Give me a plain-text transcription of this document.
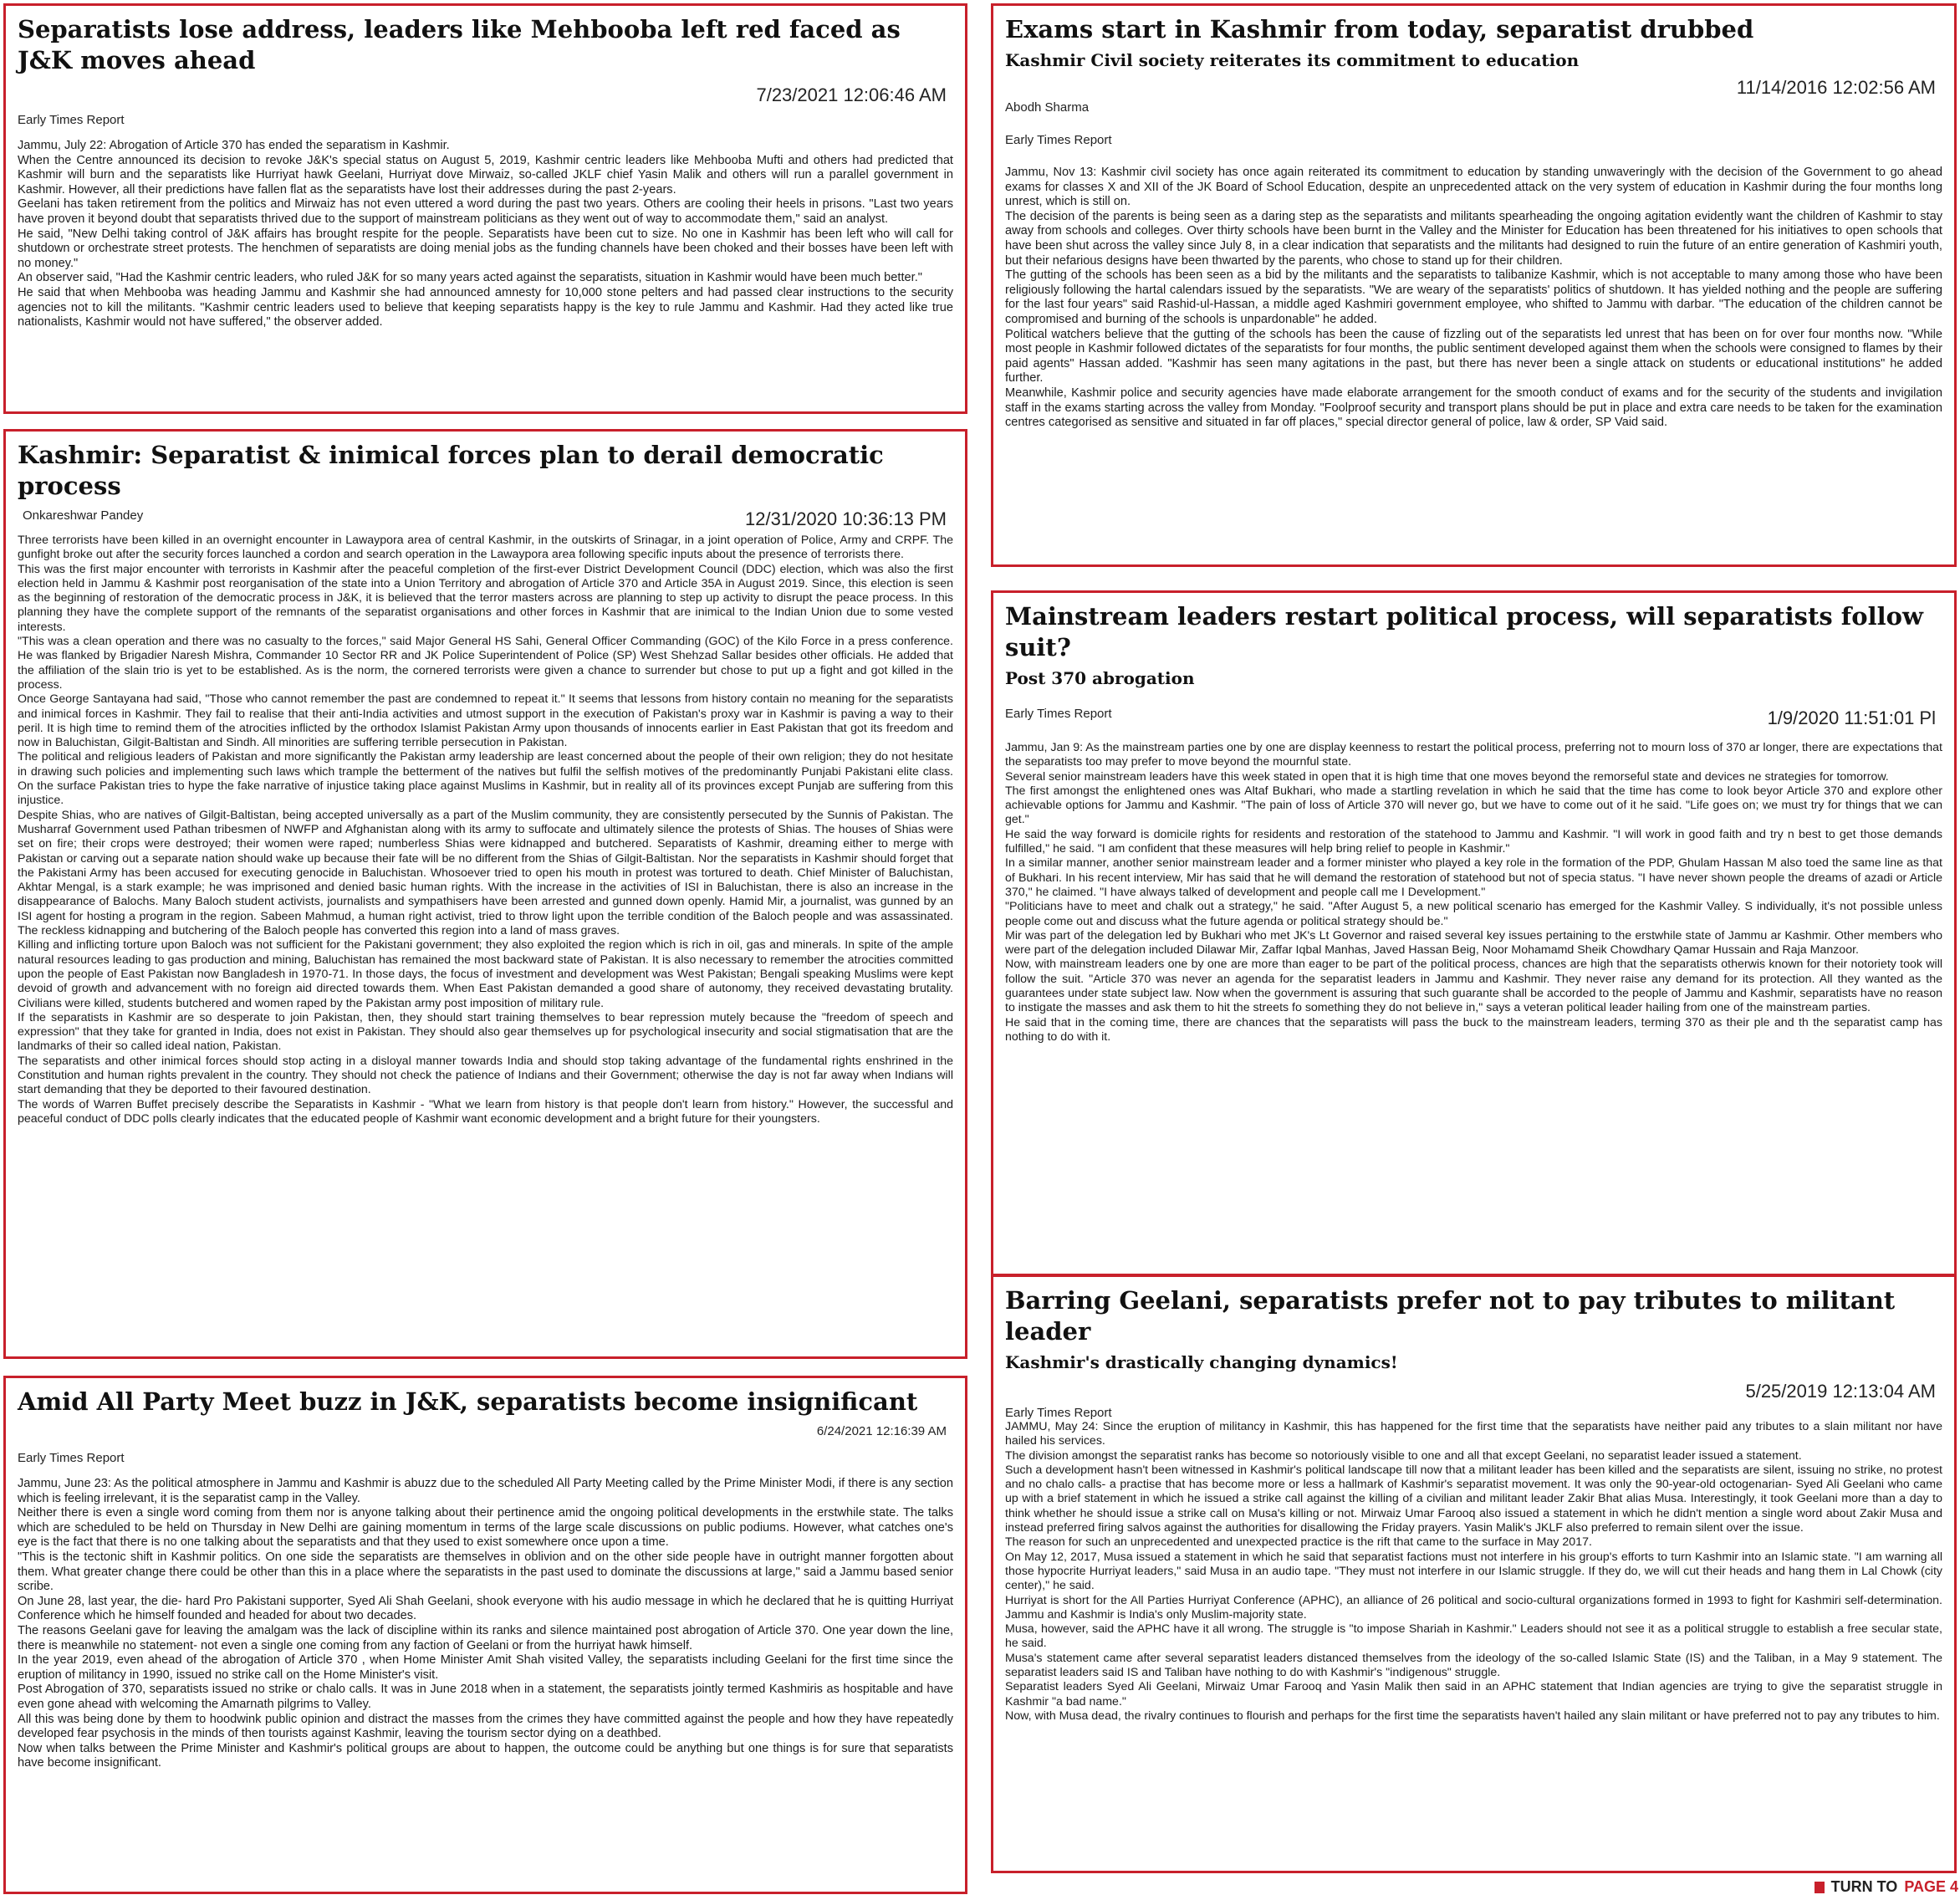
Separatists lose address, leaders like Mehbooba left red faced as J&K moves ahead
7/23/2021 12:06:46 AM
Early Times Report

Jammu, July 22: Abrogation of Article 370 has ended the separatism in Kashmir.

When the Centre announced its decision to revoke J&K's special status on August 5, 2019, Kashmir centric leaders like Mehbooba Mufti and others had predicted that Kashmir will burn and the separatists like Hurriyat hawk Geelani, Hurriyat dove Mirwaiz, so-called JKLF chief Yasin Malik and others will run a parallel government in Kashmir. However, all their predictions have fallen flat as the separatists have lost their addresses during the past 2-years.

Geelani has taken retirement from the politics and Mirwaiz has not even uttered a word during the past two years. Others are cooling their heels in prisons. "Last two years have proven it beyond doubt that separatists thrived due to the support of mainstream politicians as they went out of way to accommodate them," said an analyst.

He said, "New Delhi taking control of J&K affairs has brought respite for the people. Separatists have been cut to size. No one in Kashmir has been left who will call for shutdown or orchestrate street protests. The henchmen of separatists are doing menial jobs as the funding channels have been choked and their bosses have been left with no money."

An observer said, "Had the Kashmir centric leaders, who ruled J&K for so many years acted against the separatists, situation in Kashmir would have been much better."

He said that when Mehbooba was heading Jammu and Kashmir she had announced amnesty for 10,000 stone pelters and had passed clear instructions to the security agencies not to kill the militants. "Kashmir centric leaders used to believe that keeping separatists happy is the key to rule Jammu and Kashmir. Had they acted like true nationalists, Kashmir would not have suffered," the observer added.

Kashmir: Separatist & inimical forces plan to derail democratic process
Onkareshwar Pandey	12/31/2020 10:36:13 PM

Three terrorists have been killed in an overnight encounter in Lawaypora area of central Kashmir, in the outskirts of Srinagar, in a joint operation of Police, Army and CRPF. The gunfight broke out after the security forces launched a cordon and search operation in the Lawaypora area following specific inputs about the presence of terrorists there.

This was the first major encounter with terrorists in Kashmir after the peaceful completion of the first-ever District Development Council (DDC) election, which was also the first election held in Jammu & Kashmir post reorganisation of the state into a Union Territory and abrogation of Article 370 and Article 35A in August 2019. Since, this election is seen as the beginning of restoration of the democratic process in J&K, it is believed that the terror masters across are planning to step up activity to disrupt the peace process. In this planning they have the complete support of the remnants of the separatist organisations and other forces in Kashmir that are inimical to the Indian Union due to some vested interests.

"This was a clean operation and there was no casualty to the forces," said Major General HS Sahi, General Officer Commanding (GOC) of the Kilo Force in a press conference. He was flanked by Brigadier Naresh Mishra, Commander 10 Sector RR and JK Police Superintendent of Police (SP) West Shehzad Sallar besides other officials. He added that the affiliation of the slain trio is yet to be established. As is the norm, the cornered terrorists were given a chance to surrender but chose to put up a fight and got killed in the process.

Once George Santayana had said, "Those who cannot remember the past are condemned to repeat it." It seems that lessons from history contain no meaning for the separatists and inimical forces in Kashmir. They fail to realise that their anti-India activities and utmost support in the execution of Pakistan's proxy war in Kashmir is paving a way to their peril. It is high time to remind them of the atrocities inflicted by the orthodox Islamist Pakistan Army upon thousands of innocents earlier in East Pakistan that got its freedom and now in Baluchistan, Gilgit-Baltistan and Sindh. All minorities are suffering terrible persecution in Pakistan.

The political and religious leaders of Pakistan and more significantly the Pakistan army leadership are least concerned about the people of their own religion; they do not hesitate in drawing such policies and implementing such laws which trample the betterment of the natives but fulfil the selfish motives of the predominantly Punjabi Pakistani elite class. On the surface Pakistan tries to hype the fake narrative of injustice taking place against Muslims in Kashmir, but in reality all of its provinces except Punjab are suffering from this injustice.

Despite Shias, who are natives of Gilgit-Baltistan, being accepted universally as a part of the Muslim community, they are consistently persecuted by the Sunnis of Pakistan. The Musharraf Government used Pathan tribesmen of NWFP and Afghanistan along with its army to suffocate and ultimately silence the protests of Shias. The houses of Shias were set on fire; their crops were destroyed; their women were raped; numberless Shias were kidnapped and butchered. Separatists of Kashmir, dreaming either to merge with Pakistan or carving out a separate nation should wake up because their fate will be no different from the Shias of Gilgit-Baltistan. Nor the separatists in Kashmir should forget that the Pakistani Army has been accused for executing genocide in Baluchistan. Whosoever tried to open his mouth in protest was tortured to death. Chief Minister of Baluchistan, Akhtar Mengal, is a stark example; he was imprisoned and denied basic human rights. With the increase in the activities of ISI in Baluchistan, there is also an increase in the disappearance of Balochs. Many Baloch student activists, journalists and sympathisers have been arrested and gunned down openly. Hamid Mir, a journalist, was gunned by an ISI agent for hosting a program in the region. Sabeen Mahmud, a human right activist, tried to throw light upon the terrible condition of the Baloch people and was assassinated. The reckless kidnapping and butchering of the Baloch people has converted this region into a land of mass graves.

Killing and inflicting torture upon Baloch was not sufficient for the Pakistani government; they also exploited the region which is rich in oil, gas and minerals. In spite of the ample natural resources leading to gas production and mining, Baluchistan has remained the most backward state of Pakistan. It is also necessary to remember the atrocities committed upon the people of East Pakistan now Bangladesh in 1970-71. In those days, the focus of investment and development was West Pakistan; Bengali speaking Muslims were kept devoid of growth and advancement with no foreign aid directed towards them. When East Pakistan demanded a good share of autonomy, they received devastating brutality. Civilians were killed, students butchered and women raped by the Pakistan army post imposition of military rule.

If the separatists in Kashmir are so desperate to join Pakistan, then, they should start training themselves to bear repression mutely because the "freedom of speech and expression" that they take for granted in India, does not exist in Pakistan. They should also gear themselves up for psychological insecurity and social stigmatisation that are the landmarks of their so called ideal nation, Pakistan.

The separatists and other inimical forces should stop acting in a disloyal manner towards India and should stop taking advantage of the fundamental rights enshrined in the Constitution and human rights prevalent in the country. They should not check the patience of Indians and their Government; otherwise the day is not far away when Indians will start demanding that they be deported to their favoured destination.

The words of Warren Buffet precisely describe the Separatists in Kashmir - "What we learn from history is that people don't learn from history." However, the successful and peaceful conduct of DDC polls clearly indicates that the educated people of Kashmir want economic development and a bright future for their youngsters.

Amid All Party Meet buzz in J&K, separatists become insignificant
6/24/2021 12:16:39 AM
Early Times Report

Jammu, June 23: As the political atmosphere in Jammu and Kashmir is abuzz due to the scheduled All Party Meeting called by the Prime Minister Modi, if there is any section which is feeling irrelevant, it is the separatist camp in the Valley.

Neither there is even a single word coming from them nor is anyone talking about their pertinence amid the ongoing political developments in the erstwhile state. The talks which are scheduled to be held on Thursday in New Delhi are gaining momentum in terms of the large scale discussions on public podiums. However, what catches one's eye is the fact that there is no one talking about the separatists and that they used to exist somewhere once upon a time.

"This is the tectonic shift in Kashmir politics. On one side the separatists are themselves in oblivion and on the other side people have in outright manner forgotten about them. What greater change there could be other than this in a place where the separatists in the past used to dominate the discussions at large," said a Jammu based senior scribe.

On June 28, last year, the die- hard Pro Pakistani supporter, Syed Ali Shah Geelani, shook everyone with his audio message in which he declared that he is quitting Hurriyat Conference which he himself founded and headed for about two decades.

The reasons Geelani gave for leaving the amalgam was the lack of discipline within its ranks and silence maintained post abrogation of Article 370. One year down the line, there is meanwhile no statement- not even a single one coming from any faction of Geelani or from the hurriyat hawk himself.

In the year 2019, even ahead of the abrogation of Article 370 , when Home Minister Amit Shah visited Valley, the separatists including Geelani for the first time since the eruption of militancy in 1990, issued no strike call on the Home Minister's visit.

Post Abrogation of 370, separatists issued no strike or chalo calls. It was in June 2018 when in a statement, the separatists jointly termed Kashmiris as hospitable and have even gone ahead with welcoming the Amarnath pilgrims to Valley.

All this was being done by them to hoodwink public opinion and distract the masses from the crimes they have committed against the people and how they have repeatedly developed fear psychosis in the minds of then tourists against Kashmir, leaving the tourism sector dying on a deathbed.

Now when talks between the Prime Minister and Kashmir's political groups are about to happen, the outcome could be anything but one things is for sure that separatists have become insignificant.

Exams start in Kashmir from today, separatist drubbed
Kashmir Civil society reiterates its commitment to education
11/14/2016 12:02:56 AM
Abodh Sharma
Early Times Report

Jammu, Nov 13: Kashmir civil society has once again reiterated its commitment to education by standing unwaveringly with the decision of the Government to go ahead exams for classes X and XII of the JK Board of School Education, despite an unprecedented attack on the very system of education in Kashmir during the four months long unrest, which is still on.

The decision of the parents is being seen as a daring step as the separatists and militants spearheading the ongoing agitation evidently want the children of Kashmir to stay away from schools and colleges. Over thirty schools have been burnt in the Valley and the Minister for Education has been threatened for his initiatives to open schools that have been shut across the valley since July 8, in a clear indication that separatists and the militants had designed to ruin the future of an entire generation of Kashmiri youth, but their nefarious designs have been thwarted by the parents, who chose to stand up for their children.

The gutting of the schools has been seen as a bid by the militants and the separatists to talibanize Kashmir, which is not acceptable to many among those who have been religiously following the hartal calendars issued by the separatists. "We are weary of the separatists' politics of shutdown. It has yielded nothing and the people are suffering for the last four years" said Rashid-ul-Hassan, a middle aged Kashmiri government employee, who shifted to Jammu with darbar. "The education of the children cannot be compromised and burning of the schools is unpardonable" he added.

Political watchers believe that the gutting of the schools has been the cause of fizzling out of the separatists led unrest that has been on for over four months now. "While most people in Kashmir followed dictates of the separatists for four months, the public sentiment developed against them when the schools were consigned to flames by their paid agents" Hassan added. "Kashmir has seen many agitations in the past, but there has never been a single attack on students or educational institutions" he added further.

Meanwhile, Kashmir police and security agencies have made elaborate arrangement for the smooth conduct of exams and for the security of the students and invigilation staff in the exams starting across the valley from Monday. "Foolproof security and transport plans should be put in place and extra care needs to be taken for the examination centres categorised as sensitive and situated in far off places," special director general of police, law & order, SP Vaid said.

Mainstream leaders restart political process, will separatists follow suit?
Post 370 abrogation
Early Times Report	1/9/2020 11:51:01 Pl

Jammu, Jan 9: As the mainstream parties one by one are display keenness to restart the political process, preferring not to mourn loss of 370 ar longer, there are expectations that the separatists too may prefer to move beyond the mournful state.

Several senior mainstream leaders have this week stated in open that it is high time that one moves beyond the remorseful state and devices ne strategies for tomorrow.

The first amongst the enlightened ones was Altaf Bukhari, who made a startling revelation in which he said that the time has come to look beyor Article 370 and explore other achievable options for Jammu and Kashmir. "The pain of loss of Article 370 will never go, but we have to come out of it he said. "Life goes on; we must try for things that we can get."

He said the way forward is domicile rights for residents and restoration of the statehood to Jammu and Kashmir. "I will work in good faith and try n best to get those demands fulfilled," he said. "I am confident that these measures will help bring relief to people in Kashmir."

In a similar manner, another senior mainstream leader and a former minister who played a key role in the formation of the PDP, Ghulam Hassan M also toed the same line as that of Bukhari. In his recent interview, Mir has said that he will demand the restoration of statehood but not of specia status. "I have never shown people the dreams of azadi or Article 370," he claimed. "I have always talked of development and people call me I Development."

"Politicians have to meet and chalk out a strategy," he said. "After August 5, a new political scenario has emerged for the Kashmir Valley. S individually, it's not possible unless people come out and discuss what the future agenda or political strategy should be."

Mir was part of the delegation led by Bukhari who met JK's Lt Governor and raised several key issues pertaining to the erstwhile state of Jammu ar Kashmir. Other members who were part of the delegation included Dilawar Mir, Zaffar Iqbal Manhas, Javed Hassan Beig, Noor Mohamamd Sheik Chowdhary Qamar Hussain and Raja Manzoor.

Now, with mainstream leaders one by one are more than eager to be part of the political process, chances are high that the separatists otherwis known for their notoriety took will follow the suit. "Article 370 was never an agenda for the separatist leaders in Jammu and Kashmir. They never raise any demand for its protection. All they wanted as the guarantees under state subject law. Now when the government is assuring that such guarante shall be accorded to the people of Jammu and Kashmir, separatists have no reason to instigate the masses and ask them to hit the streets fo something they do not believe in," says a veteran political leader hailing from one of the mainstream parties.

He said that in the coming time, there are chances that the separatists will pass the buck to the mainstream leaders, terming 370 as their ple and th the separatist camp has nothing to do with it.

Barring Geelani, separatists prefer not to pay tributes to militant leader
Kashmir's drastically changing dynamics!
5/25/2019 12:13:04 AM
Early Times Report

JAMMU, May 24: Since the eruption of militancy in Kashmir, this has happened for the first time that the separatists have neither paid any tributes to a slain militant nor have hailed his services.

The division amongst the separatist ranks has become so notoriously visible to one and all that except Geelani, no separatist leader issued a statement.

Such a development hasn't been witnessed in Kashmir's political landscape till now that a militant leader has been killed and the separatists are silent, issuing no strike, no protest and no chalo calls- a practise that has become more or less a hallmark of Kashmir's separatist movement. It was only the 90-year-old octogenarian- Syed Ali Geelani who came up with a brief statement in which he issued a strike call against the killing of a civilian and militant leader Zakir Bhat alias Musa. Interestingly, it took Geelani more than a day to think whether he should issue a strike call on Musa's killing or not. Mirwaiz Umar Farooq also issued a statement in which he didn't mention a single word about Zakir Musa and instead preferred firing salvos against the authorities for disallowing the Friday prayers. Yasin Malik's JKLF also preferred to remain silent over the issue.

The reason for such an unprecedented and unexpected practice is the rift that came to the surface in May 2017.

On May 12, 2017, Musa issued a statement in which he said that separatist factions must not interfere in his group's efforts to turn Kashmir into an Islamic state. "I am warning all those hypocrite Hurriyat leaders," said Musa in an audio tape. "They must not interfere in our Islamic struggle. If they do, we will cut their heads and hang them in Lal Chowk (city center)," he said.

Hurriyat is short for the All Parties Hurriyat Conference (APHC), an alliance of 26 political and socio-cultural organizations formed in 1993 to fight for Kashmiri self-determination. Jammu and Kashmir is India's only Muslim-majority state.

Musa, however, said the APHC have it all wrong. The struggle is "to impose Shariah in Kashmir." Leaders should not see it as a political struggle to establish a free secular state, he said.

Musa's statement came after several separatist leaders distanced themselves from the ideology of the so-called Islamic State (IS) and the Taliban, in a May 9 statement. The separatist leaders said IS and Taliban have nothing to do with Kashmir's "indigenous" struggle.

Separatist leaders Syed Ali Geelani, Mirwaiz Umar Farooq and Yasin Malik then said in an APHC statement that Indian agencies are trying to give the separatist struggle in Kashmir "a bad name."

Now, with Musa dead, the rivalry continues to flourish and perhaps for the first time the separatists haven't hailed any slain militant or have preferred not to pay any tributes to him.

TURN TO PAGE 4
